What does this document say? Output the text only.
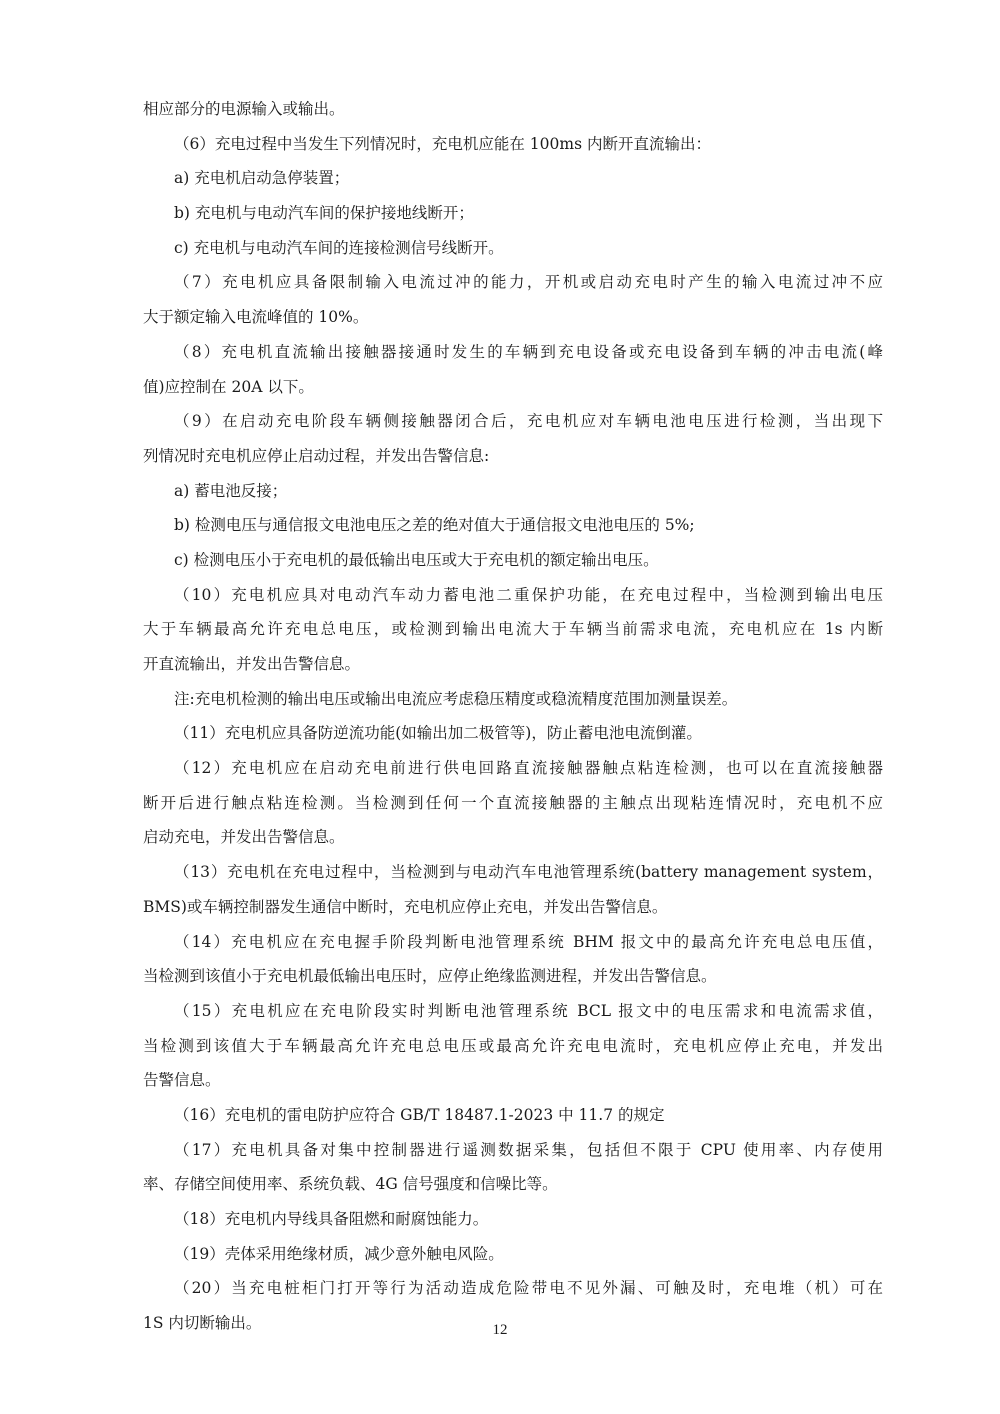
相应部分的电源输入或输出。
（6）充电过程中当发生下列情况时，充电机应能在 100ms 内断开直流输出：
a) 充电机启动急停装置；
b) 充电机与电动汽车间的保护接地线断开；
c) 充电机与电动汽车间的连接检测信号线断开。
（7）充电机应具备限制输入电流过冲的能力，开机或启动充电时产生的输入电流过冲不应
大于额定输入电流峰值的 10%。
（8）充电机直流输出接触器接通时发生的车辆到充电设备或充电设备到车辆的冲击电流(峰
值)应控制在 20A 以下。
（9）在启动充电阶段车辆侧接触器闭合后，充电机应对车辆电池电压进行检测，当出现下
列情况时充电机应停止启动过程，并发出告警信息:
a) 蓄电池反接；
b) 检测电压与通信报文电池电压之差的绝对值大于通信报文电池电压的 5%;
c) 检测电压小于充电机的最低输出电压或大于充电机的额定输出电压。
（10）充电机应具对电动汽车动力蓄电池二重保护功能，在充电过程中，当检测到输出电压
大于车辆最高允许充电总电压，或检测到输出电流大于车辆当前需求电流，充电机应在 1s 内断
开直流输出，并发出告警信息。
注:充电机检测的输出电压或输出电流应考虑稳压精度或稳流精度范围加测量误差。
（11）充电机应具备防逆流功能(如输出加二极管等)，防止蓄电池电流倒灌。
（12）充电机应在启动充电前进行供电回路直流接触器触点粘连检测，也可以在直流接触器
断开后进行触点粘连检测。当检测到任何一个直流接触器的主触点出现粘连情况时，充电机不应
启动充电，并发出告警信息。
（13）充电机在充电过程中，当检测到与电动汽车电池管理系统(battery management system，
BMS)或车辆控制器发生通信中断时，充电机应停止充电，并发出告警信息。
（14）充电机应在充电握手阶段判断电池管理系统 BHM 报文中的最高允许充电总电压值，
当检测到该值小于充电机最低输出电压时，应停止绝缘监测进程，并发出告警信息。
（15）充电机应在充电阶段实时判断电池管理系统 BCL 报文中的电压需求和电流需求值，
当检测到该值大于车辆最高允许充电总电压或最高允许充电电流时，充电机应停止充电，并发出
告警信息。
（16）充电机的雷电防护应符合 GB/T 18487.1-2023 中 11.7 的规定
（17）充电机具备对集中控制器进行遥测数据采集，包括但不限于 CPU 使用率、内存使用
率、存储空间使用率、系统负载、4G 信号强度和信噪比等。
（18）充电机内导线具备阻燃和耐腐蚀能力。
（19）壳体采用绝缘材质，减少意外触电风险。
（20）当充电桩柜门打开等行为活动造成危险带电不见外漏、可触及时，充电堆（机）可在
1S 内切断输出。	12
